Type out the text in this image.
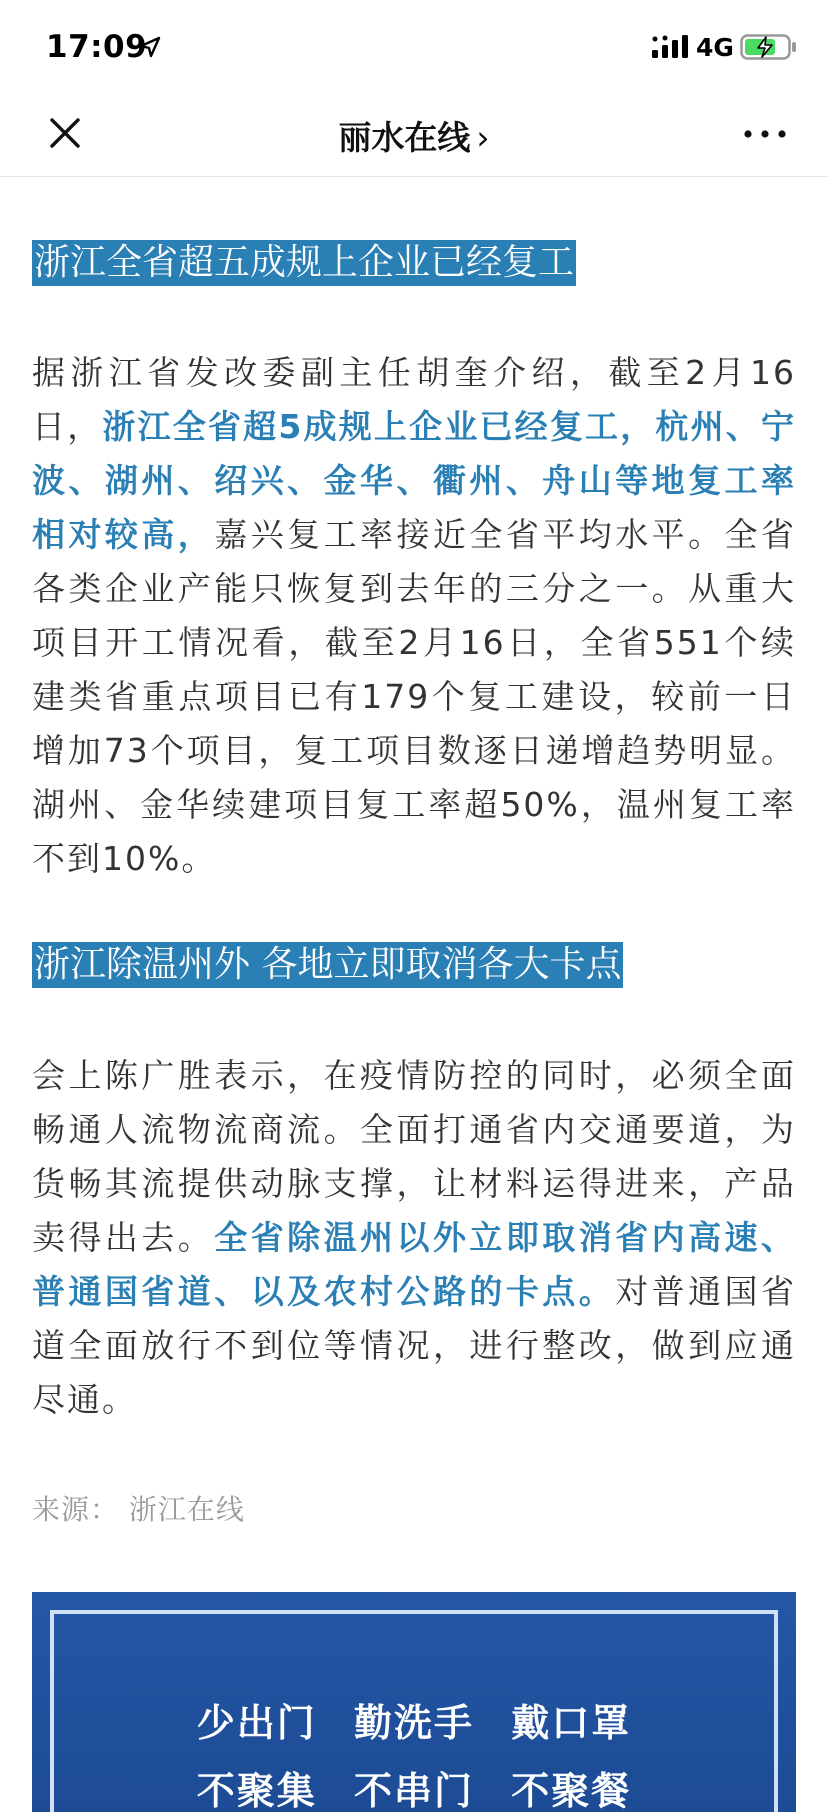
17:09	4G
丽水在线 ›
浙江全省超五成规上企业已经复工

据浙江省发改委副主任胡奎介绍，截至2月16日，浙江全省超5成规上企业已经复工，杭州、宁波、湖州、绍兴、金华、衢州、舟山等地复工率相对较高，嘉兴复工率接近全省平均水平。全省各类企业产能只恢复到去年的三分之一。从重大项目开工情况看，截至2月16日，全省551个续建类省重点项目已有179个复工建设，较前一日增加73个项目，复工项目数逐日递增趋势明显。湖州、金华续建项目复工率超50%，温州复工率不到10%。

浙江除温州外 各地立即取消各大卡点

会上陈广胜表示，在疫情防控的同时，必须全面畅通人流物流商流。全面打通省内交通要道，为货畅其流提供动脉支撑，让材料运得进来，产品卖得出去。全省除温州以外立即取消省内高速、普通国省道、以及农村公路的卡点。对普通国省道全面放行不到位等情况，进行整改，做到应通尽通。

来源： 浙江在线
少出门 勤洗手 戴口罩
不聚集 不串门 不聚餐
